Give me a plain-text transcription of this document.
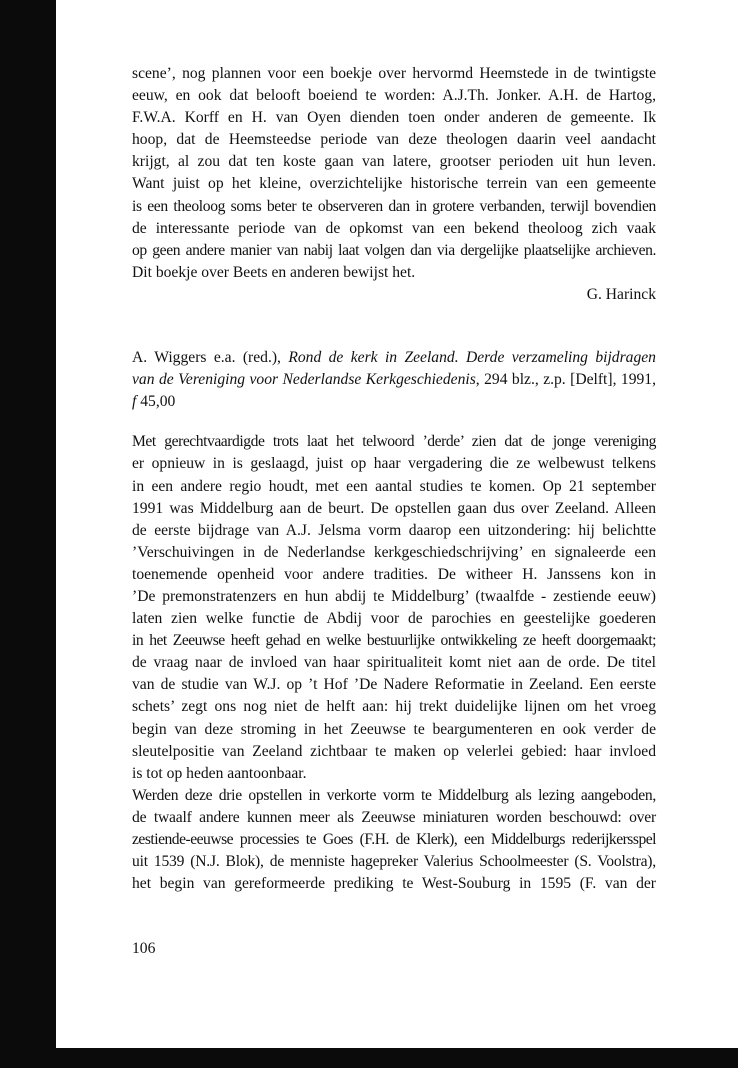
scene’, nog plannen voor een boekje over hervormd Heemstede in de twintigste
eeuw, en ook dat belooft boeiend te worden: A.J.Th. Jonker. A.H. de Hartog,
F.W.A. Korff en H. van Oyen dienden toen onder anderen de gemeente. Ik
hoop, dat de Heemsteedse periode van deze theologen daarin veel aandacht
krijgt, al zou dat ten koste gaan van latere, grootser perioden uit hun leven.
Want juist op het kleine, overzichtelijke historische terrein van een gemeente
is een theoloog soms beter te observeren dan in grotere verbanden, terwijl bovendien
de interessante periode van de opkomst van een bekend theoloog zich vaak
op geen andere manier van nabij laat volgen dan via dergelijke plaatselijke archieven.
Dit boekje over Beets en anderen bewijst het.
G. Harinck
A. Wiggers e.a. (red.), Rond de kerk in Zeeland. Derde verzameling bijdragen
van de Vereniging voor Nederlandse Kerkgeschiedenis, 294 blz., z.p. [Delft], 1991,
f 45,00
Met gerechtvaardigde trots laat het telwoord ’derde’ zien dat de jonge vereniging
er opnieuw in is geslaagd, juist op haar vergadering die ze welbewust telkens
in een andere regio houdt, met een aantal studies te komen. Op 21 september
1991 was Middelburg aan de beurt. De opstellen gaan dus over Zeeland. Alleen
de eerste bijdrage van A.J. Jelsma vorm daarop een uitzondering: hij belichtte
’Verschuivingen in de Nederlandse kerkgeschiedschrijving’ en signaleerde een
toenemende openheid voor andere tradities. De witheer H. Janssens kon in
’De premonstratenzers en hun abdij te Middelburg’ (twaalfde - zestiende eeuw)
laten zien welke functie de Abdij voor de parochies en geestelijke goederen
in het Zeeuwse heeft gehad en welke bestuurlijke ontwikkeling ze heeft doorgemaakt;
de vraag naar de invloed van haar spiritualiteit komt niet aan de orde. De titel
van de studie van W.J. op ’t Hof ’De Nadere Reformatie in Zeeland. Een eerste
schets’ zegt ons nog niet de helft aan: hij trekt duidelijke lijnen om het vroeg
begin van deze stroming in het Zeeuwse te beargumenteren en ook verder de
sleutelpositie van Zeeland zichtbaar te maken op velerlei gebied: haar invloed
is tot op heden aantoonbaar.
Werden deze drie opstellen in verkorte vorm te Middelburg als lezing aangeboden,
de twaalf andere kunnen meer als Zeeuwse miniaturen worden beschouwd: over
zestiende-eeuwse processies te Goes (F.H. de Klerk), een Middelburgs rederijkersspel
uit 1539 (N.J. Blok), de menniste hagepreker Valerius Schoolmeester (S. Voolstra),
het begin van gereformeerde prediking te West-Souburg in 1595 (F. van der
106
